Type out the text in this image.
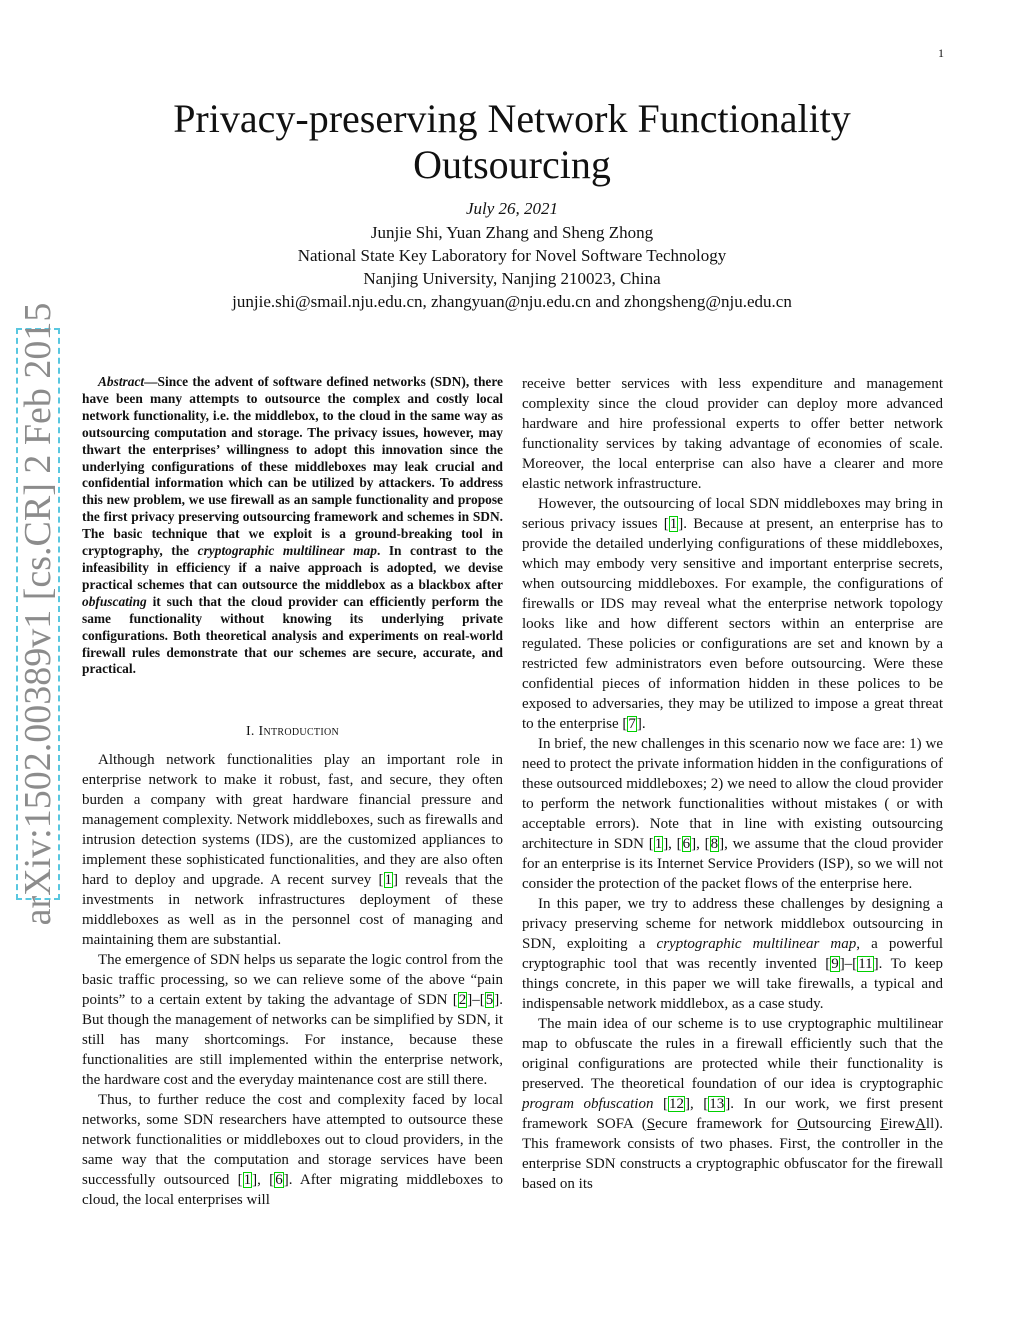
1
arXiv:1502.00389v1 [cs.CR] 2 Feb 2015
Privacy-preserving Network Functionality Outsourcing
July 26, 2021
Junjie Shi, Yuan Zhang and Sheng Zhong
National State Key Laboratory for Novel Software Technology
Nanjing University, Nanjing 210023, China
junjie.shi@smail.nju.edu.cn, zhangyuan@nju.edu.cn and zhongsheng@nju.edu.cn

Abstract—Since the advent of software defined networks (SDN), there have been many attempts to outsource the complex and costly local network functionality, i.e. the middlebox, to the cloud in the same way as outsourcing computation and storage. The privacy issues, however, may thwart the enterprises’ willingness to adopt this innovation since the underlying configurations of these middleboxes may leak crucial and confidential information which can be utilized by attackers. To address this new problem, we use firewall as an sample functionality and propose the first privacy preserving outsourcing framework and schemes in SDN. The basic technique that we exploit is a ground-breaking tool in cryptography, the cryptographic multilinear map. In contrast to the infeasibility in efficiency if a naive approach is adopted, we devise practical schemes that can outsource the middlebox as a blackbox after obfuscating it such that the cloud provider can efficiently perform the same functionality without knowing its underlying private configurations. Both theoretical analysis and experiments on real-world firewall rules demonstrate that our schemes are secure, accurate, and practical.

I. Introduction

Although network functionalities play an important role in enterprise network to make it robust, fast, and secure, they often burden a company with great hardware financial pressure and management complexity. Network middleboxes, such as firewalls and intrusion detection systems (IDS), are the customized appliances to implement these sophisticated functionalities, and they are also often hard to deploy and upgrade. A recent survey [1] reveals that the investments in network infrastructures deployment of these middleboxes as well as in the personnel cost of managing and maintaining them are substantial.

The emergence of SDN helps us separate the logic control from the basic traffic processing, so we can relieve some of the above “pain points” to a certain extent by taking the advantage of SDN [2]–[5]. But though the management of networks can be simplified by SDN, it still has many shortcomings. For instance, because these functionalities are still implemented within the enterprise network, the hardware cost and the everyday maintenance cost are still there.

Thus, to further reduce the cost and complexity faced by local networks, some SDN researchers have attempted to outsource these network functionalities or middleboxes out to cloud providers, in the same way that the computation and storage services have been successfully outsourced [1], [6]. After migrating middleboxes to cloud, the local enterprises will

receive better services with less expenditure and management complexity since the cloud provider can deploy more advanced hardware and hire professional experts to offer better network functionality services by taking advantage of economies of scale. Moreover, the local enterprise can also have a clearer and more elastic network infrastructure.

However, the outsourcing of local SDN middleboxes may bring in serious privacy issues [1]. Because at present, an enterprise has to provide the detailed underlying configurations of these middleboxes, which may embody very sensitive and important enterprise secrets, when outsourcing middleboxes. For example, the configurations of firewalls or IDS may reveal what the enterprise network topology looks like and how different sectors within an enterprise are regulated. These policies or configurations are set and known by a restricted few administrators even before outsourcing. Were these confidential pieces of information hidden in these polices to be exposed to adversaries, they may be utilized to impose a great threat to the enterprise [7].

In brief, the new challenges in this scenario now we face are: 1) we need to protect the private information hidden in the configurations of these outsourced middleboxes; 2) we need to allow the cloud provider to perform the network functionalities without mistakes ( or with acceptable errors). Note that in line with existing outsourcing architecture in SDN [1], [6], [8], we assume that the cloud provider for an enterprise is its Internet Service Providers (ISP), so we will not consider the protection of the packet flows of the enterprise here.

In this paper, we try to address these challenges by designing a privacy preserving scheme for network middlebox outsourcing in SDN, exploiting a cryptographic multilinear map, a powerful cryptographic tool that was recently invented [9]–[11]. To keep things concrete, in this paper we will take firewalls, a typical and indispensable network middlebox, as a case study.

The main idea of our scheme is to use cryptographic multilinear map to obfuscate the rules in a firewall efficiently such that the original configurations are protected while their functionality is preserved. The theoretical foundation of our idea is cryptographic program obfuscation [12], [13]. In our work, we first present framework SOFA (Secure framework for Outsourcing FirewAll). This framework consists of two phases. First, the controller in the enterprise SDN constructs a cryptographic obfuscator for the firewall based on its
